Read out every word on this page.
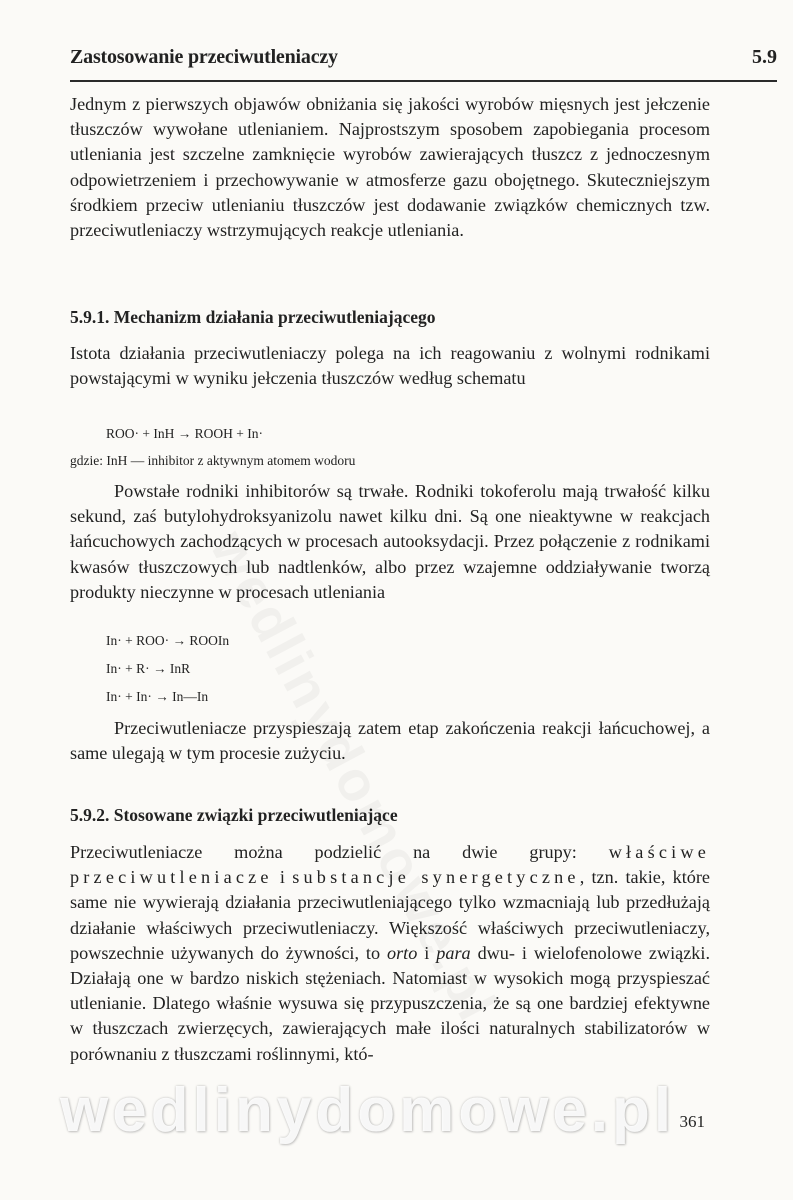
Zastosowanie przeciwutleniaczy	5.9

Jednym z pierwszych objawów obniżania się jakości wyrobów mięsnych jest jełczenie tłuszczów wywołane utlenianiem. Najprostszym sposobem zapobiegania procesom utleniania jest szczelne zamknięcie wyrobów zawierających tłuszcz z jednoczesnym odpowietrzeniem i przechowywanie w atmosferze gazu obojętnego. Skuteczniejszym środkiem przeciw utlenianiu tłuszczów jest dodawanie związków chemicznych tzw. przeciwutleniaczy wstrzymujących reakcje utleniania.

5.9.1. Mechanizm działania przeciwutleniającego

Istota działania przeciwutleniaczy polega na ich reagowaniu z wolnymi rodnikami powstającymi w wyniku jełczenia tłuszczów według schematu

ROO· + InH → ROOH + In·
gdzie: InH — inhibitor z aktywnym atomem wodoru

Powstałe rodniki inhibitorów są trwałe. Rodniki tokoferolu mają trwałość kilku sekund, zaś butylohydroksyanizolu nawet kilku dni. Są one nieaktywne w reakcjach łańcuchowych zachodzących w procesach autooksydacji. Przez połączenie z rodnikami kwasów tłuszczowych lub nadtlenków, albo przez wzajemne oddziaływanie tworzą produkty nieczynne w procesach utleniania

In· + ROO· → ROOIn
In· + R· → InR
In· + In· → In—In

Przeciwutleniacze przyspieszają zatem etap zakończenia reakcji łańcuchowej, a same ulegają w tym procesie zużyciu.

5.9.2. Stosowane związki przeciwutleniające

Przeciwutleniacze można podzielić na dwie grupy: właściwe przeciwutleniacze i substancje synergetyczne, tzn. takie, które same nie wywierają działania przeciwutleniającego tylko wzmacniają lub przedłużają działanie właściwych przeciwutleniaczy. Większość właściwych przeciwutleniaczy, powszechnie używanych do żywności, to orto i para dwu- i wielofenolowe związki. Działają one w bardzo niskich stężeniach. Natomiast w wysokich mogą przyspieszać utlenianie. Dlatego właśnie wysuwa się przypuszczenia, że są one bardziej efektywne w tłuszczach zwierzęcych, zawierających małe ilości naturalnych stabilizatorów w porównaniu z tłuszczami roślinnymi, któ-

wedlinydomowe.pl 361
